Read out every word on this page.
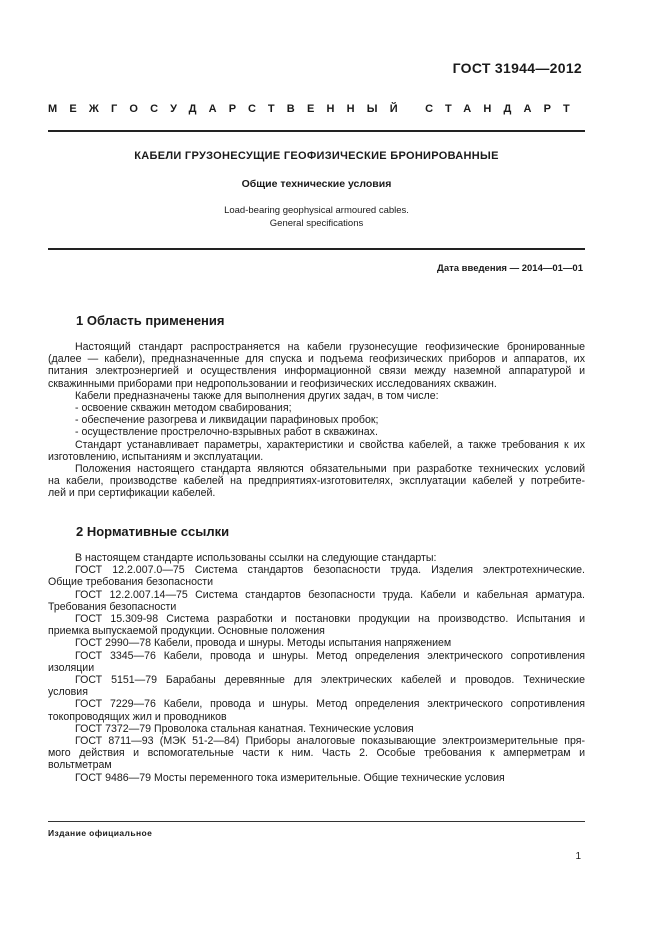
ГОСТ 31944—2012
МЕЖГОСУДАРСТВЕННЫЙ СТАНДАРТ
КАБЕЛИ ГРУЗОНЕСУЩИЕ ГЕОФИЗИЧЕСКИЕ БРОНИРОВАННЫЕ
Общие технические условия
Load-bearing geophysical armoured cables.
General specifications
Дата введения — 2014—01—01
1 Область применения

Настоящий стандарт распространяется на кабели грузонесущие геофизические бронированные

(далее — кабели), предназначенные для спуска и подъема геофизических приборов и аппаратов, их

питания электроэнергией и осуществления информационной связи между наземной аппаратурой и

скважинными приборами при недропользовании и геофизических исследованиях скважин.

Кабели предназначены также для выполнения других задач, в том числе:

- освоение скважин методом свабирования;

- обеспечение разогрева и ликвидации парафиновых пробок;

- осуществление прострелочно-взрывных работ в скважинах.

Стандарт устанавливает параметры, характеристики и свойства кабелей, а также требования к их

изготовлению, испытаниям и эксплуатации.

Положения настоящего стандарта являются обязательными при разработке технических условий

на кабели, производстве кабелей на предприятиях-изготовителях, эксплуатации кабелей у потребите-

лей и при сертификации кабелей.

2 Нормативные ссылки

В настоящем стандарте использованы ссылки на следующие стандарты:

ГОСТ 12.2.007.0—75 Система стандартов безопасности труда. Изделия электротехнические.

Общие требования безопасности

ГОСТ 12.2.007.14—75 Система стандартов безопасности труда. Кабели и кабельная арматура.

Требования безопасности

ГОСТ 15.309-98 Система разработки и постановки продукции на производство. Испытания и

приемка выпускаемой продукции. Основные положения

ГОСТ 2990—78 Кабели, провода и шнуры. Методы испытания напряжением

ГОСТ 3345—76 Кабели, провода и шнуры. Метод определения электрического сопротивления

изоляции

ГОСТ 5151—79 Барабаны деревянные для электрических кабелей и проводов. Технические

условия

ГОСТ 7229—76 Кабели, провода и шнуры. Метод определения электрического сопротивления

токопроводящих жил и проводников

ГОСТ 7372—79 Проволока стальная канатная. Технические условия

ГОСТ 8711—93 (МЭК 51-2—84) Приборы аналоговые показывающие электроизмерительные пря-

мого действия и вспомогательные части к ним. Часть 2. Особые требования к амперметрам и

вольтметрам

ГОСТ 9486—79 Мосты переменного тока измерительные. Общие технические условия

Издание официальное
1
